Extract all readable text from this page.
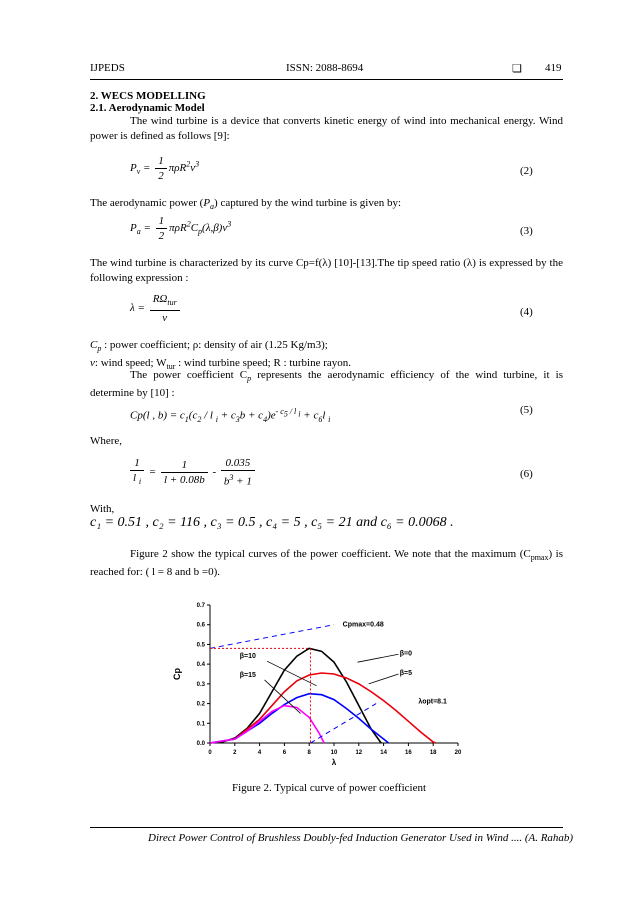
IJPEDS	ISSN: 2088-8694	❏ 419
2. WECS MODELLING
2.1. Aerodynamic Model
The wind turbine is a device that converts kinetic energy of wind into mechanical energy. Wind power is defined as follows [9]:
$P_v = \frac{1}{2} \pi\rho R^2v^3$
(2)
The aerodynamic power $(P_a)$ captured by the wind turbine is given by:
$P_a = \frac{1}{2} \pi\rho R^2C_p(\lambda,\beta)v^3$
(3)
The wind turbine is characterized by its curve Cp=f(λ) [10]-[13].The tip speed ratio (λ) is expressed by the following expression :
$\lambda = \frac{R\Omega_{tur}}{v}$	(4)
$C_p$ : power coefficient; ρ: density of air (1.25 Kg/m3);
v: wind speed; $W_{tur}$ : wind turbine speed; R : turbine rayon.
The power coefficient $C_p$ represents the aerodynamic efficiency of the wind turbine, it is determine by [10] :
Cp(l , $b) = c_1(c_2 / l$ $_i + c_3b + c_4)e^{- c_5 / l _i} + c_6l$ $_i$
(5)
Where,
$\frac{1}{l _i} = \frac{1}{l + 0.08b} - \frac{0.035}{b^3 + 1}$	(6)
With,
c₁ = 0.51 , c₂ = 116 , c₃ = 0.5 , c₄ = 5 , c₅ = 21 and c₆ = 0.0068 .
Figure 2 show the typical curves of the power coefficient. We note that the maximum $(C_{pmax})$ is reached for: ( l = 8 and b =0).
0	2	4	6	8	10	12	14	16	18	20
0.0
0.1
0.2
0.3
0.4
0.5
0.6
0.7
λ
Cp
Cpmax=0.48
β=0
β=5
β=10
β=15
λopt=8.1
Figure 2. Typical curve of power coefficient
Direct Power Control of Brushless Doubly-fed Induction Generator Used in Wind .... (A. Rahab)
